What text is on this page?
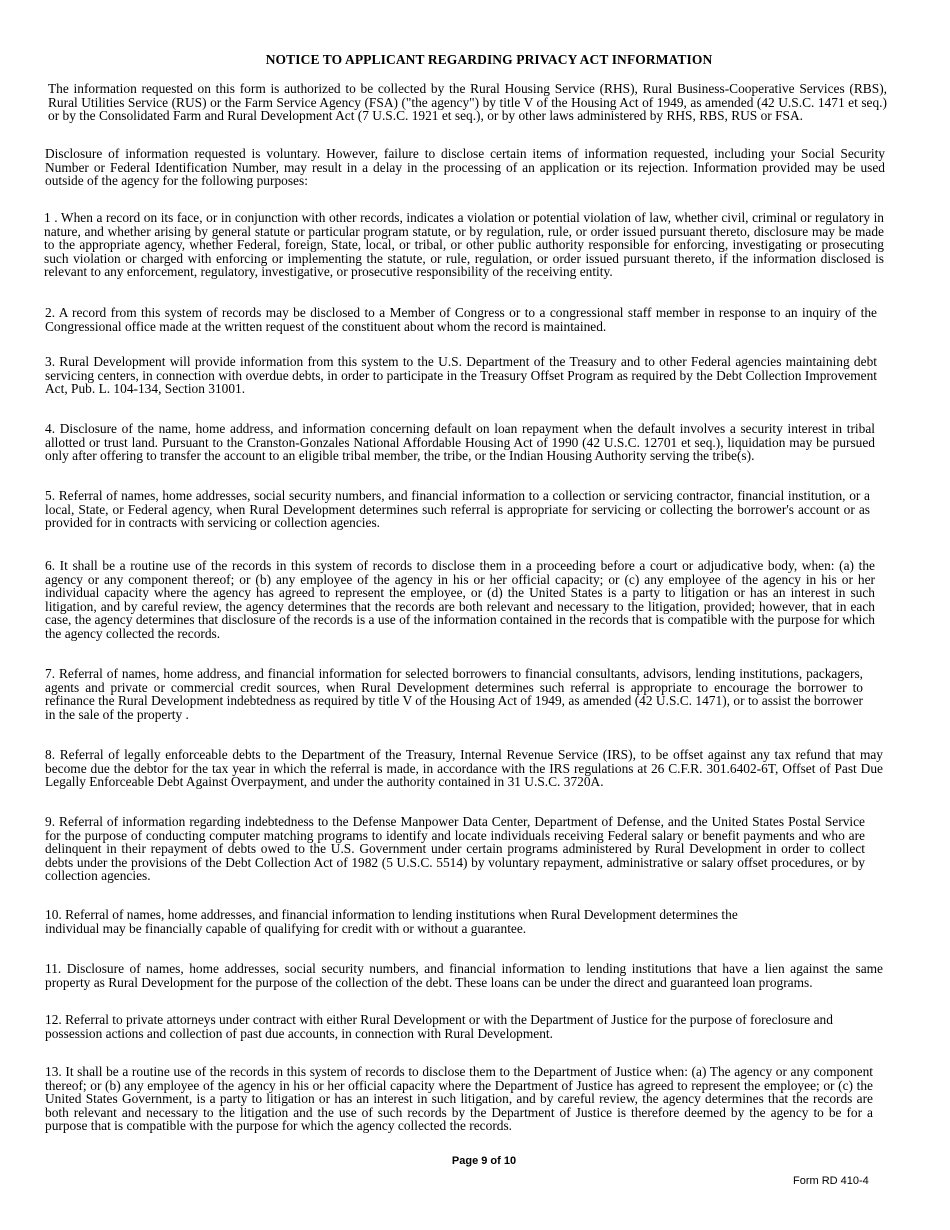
NOTICE TO APPLICANT REGARDING PRIVACY ACT INFORMATION

The information requested on this form is authorized to be collected by the Rural Housing Service (RHS), Rural Business-Cooperative Services (RBS), Rural Utilities Service (RUS) or the Farm Service Agency (FSA) ("the agency") by title V of the Housing Act of 1949, as amended (42 U.S.C. 1471 et seq.) or by the Consolidated Farm and Rural Development Act (7 U.S.C. 1921 et seq.), or by other laws administered by RHS, RBS, RUS or FSA.

Disclosure of information requested is voluntary. However, failure to disclose certain items of information requested, including your Social Security Number or Federal Identification Number, may result in a delay in the processing of an application or its rejection. Information provided may be used outside of the agency for the following purposes:

1 . When a record on its face, or in conjunction with other records, indicates a violation or potential violation of law, whether civil, criminal or regulatory in nature, and whether arising by general statute or particular program statute, or by regulation, rule, or order issued pursuant thereto, disclosure may be made to the appropriate agency, whether Federal, foreign, State, local, or tribal, or other public authority responsible for enforcing, investigating or prosecuting such violation or charged with enforcing or implementing the statute, or rule, regulation, or order issued pursuant thereto, if the information disclosed is relevant to any enforcement, regulatory, investigative, or prosecutive responsibility of the receiving entity.

2. A record from this system of records may be disclosed to a Member of Congress or to a congressional staff member in response to an inquiry of the Congressional office made at the written request of the constituent about whom the record is maintained.

3. Rural Development will provide information from this system to the U.S. Department of the Treasury and to other Federal agencies maintaining debt servicing centers, in connection with overdue debts, in order to participate in the Treasury Offset Program as required by the Debt Collection Improvement Act, Pub. L. 104-134, Section 31001.

4. Disclosure of the name, home address, and information concerning default on loan repayment when the default involves a security interest in tribal allotted or trust land. Pursuant to the Cranston-Gonzales National Affordable Housing Act of 1990 (42 U.S.C. 12701 et seq.), liquidation may be pursued only after offering to transfer the account to an eligible tribal member, the tribe, or the Indian Housing Authority serving the tribe(s).

5. Referral of names, home addresses, social security numbers, and financial information to a collection or servicing contractor, financial institution, or a local, State, or Federal agency, when Rural Development determines such referral is appropriate for servicing or collecting the borrower's account or as provided for in contracts with servicing or collection agencies.

6. It shall be a routine use of the records in this system of records to disclose them in a proceeding before a court or adjudicative body, when: (a) the agency or any component thereof; or (b) any employee of the agency in his or her official capacity; or (c) any employee of the agency in his or her individual capacity where the agency has agreed to represent the employee, or (d) the United States is a party to litigation or has an interest in such litigation, and by careful review, the agency determines that the records are both relevant and necessary to the litigation, provided; however, that in each case, the agency determines that disclosure of the records is a use of the information contained in the records that is compatible with the purpose for which the agency collected the records.

7. Referral of names, home address, and financial information for selected borrowers to financial consultants, advisors, lending institutions, packagers, agents and private or commercial credit sources, when Rural Development determines such referral is appropriate to encourage the borrower to refinance the Rural Development indebtedness as required by title V of the Housing Act of 1949, as amended (42 U.S.C. 1471), or to assist the borrower in the sale of the property .

8. Referral of legally enforceable debts to the Department of the Treasury, Internal Revenue Service (IRS), to be offset against any tax refund that may become due the debtor for the tax year in which the referral is made, in accordance with the IRS regulations at 26 C.F.R. 301.6402-6T, Offset of Past Due Legally Enforceable Debt Against Overpayment, and under the authority contained in 31 U.S.C. 3720A.

9. Referral of information regarding indebtedness to the Defense Manpower Data Center, Department of Defense, and the United States Postal Service for the purpose of conducting computer matching programs to identify and locate individuals receiving Federal salary or benefit payments and who are delinquent in their repayment of debts owed to the U.S. Government under certain programs administered by Rural Development in order to collect debts under the provisions of the Debt Collection Act of 1982 (5 U.S.C. 5514) by voluntary repayment, administrative or salary offset procedures, or by collection agencies.

10. Referral of names, home addresses, and financial information to lending institutions when Rural Development determines the individual may be financially capable of qualifying for credit with or without a guarantee.

11. Disclosure of names, home addresses, social security numbers, and financial information to lending institutions that have a lien against the same property as Rural Development for the purpose of the collection of the debt. These loans can be under the direct and guaranteed loan programs.

12. Referral to private attorneys under contract with either Rural Development or with the Department of Justice for the purpose of foreclosure and possession actions and collection of past due accounts, in connection with Rural Development.

13. It shall be a routine use of the records in this system of records to disclose them to the Department of Justice when: (a) The agency or any component thereof; or (b) any employee of the agency in his or her official capacity where the Department of Justice has agreed to represent the employee; or (c) the United States Government, is a party to litigation or has an interest in such litigation, and by careful review, the agency determines that the records are both relevant and necessary to the litigation and the use of such records by the Department of Justice is therefore deemed by the agency to be for a purpose that is compatible with the purpose for which the agency collected the records.

Page 9 of 10
Form RD 410-4
